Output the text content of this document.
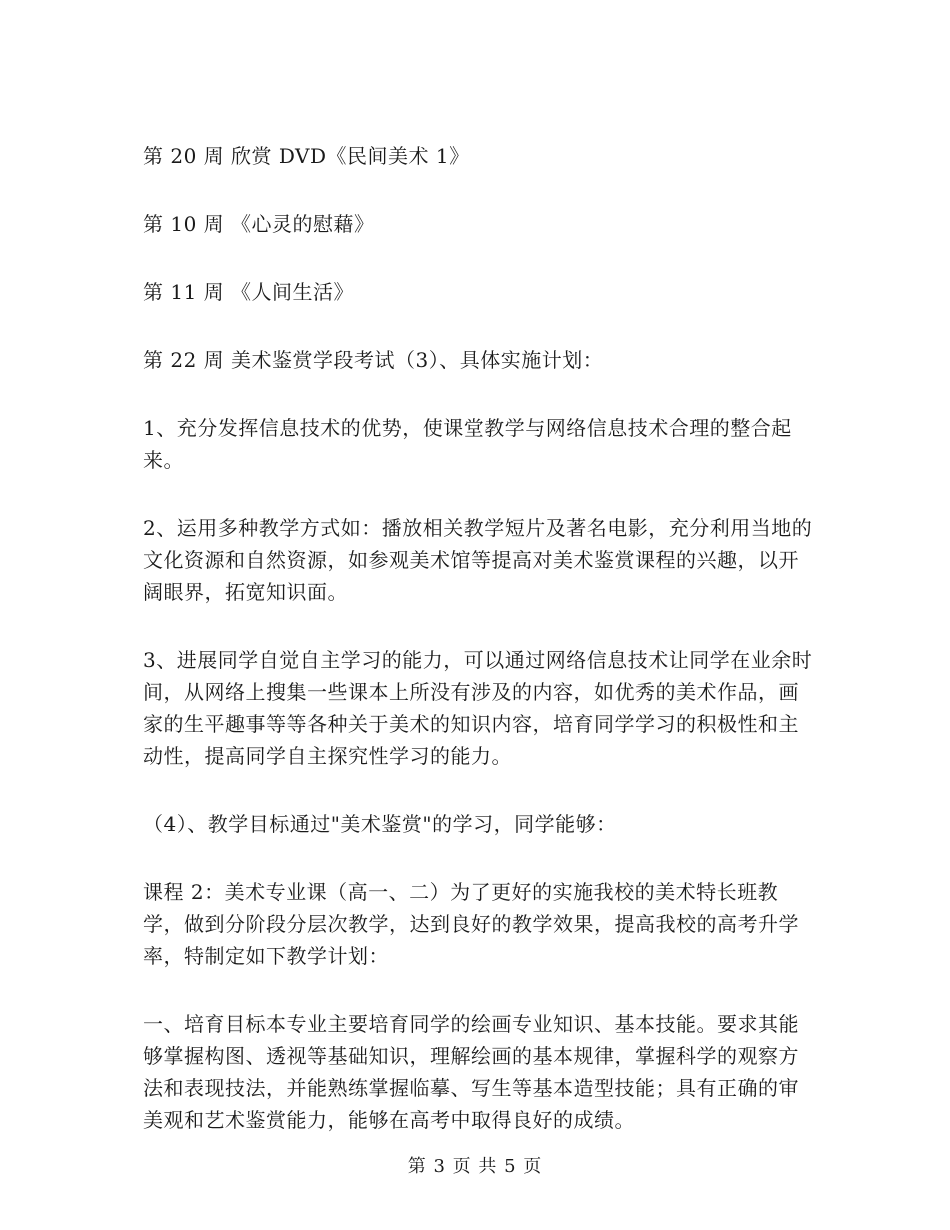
第 20 周 欣赏 DVD《民间美术 1》

第 10 周 《心灵的慰藉》

第 11 周 《人间生活》

第 22 周 美术鉴赏学段考试（3）、具体实施计划：

1、充分发挥信息技术的优势，使课堂教学与网络信息技术合理的整合起来。

2、运用多种教学方式如：播放相关教学短片及著名电影，充分利用当地的文化资源和自然资源，如参观美术馆等提高对美术鉴赏课程的兴趣，以开阔眼界，拓宽知识面。

3、进展同学自觉自主学习的能力，可以通过网络信息技术让同学在业余时间，从网络上搜集一些课本上所没有涉及的内容，如优秀的美术作品，画家的生平趣事等等各种关于美术的知识内容，培育同学学习的积极性和主动性，提高同学自主探究性学习的能力。

（4）、教学目标通过"美术鉴赏"的学习，同学能够：

课程 2：美术专业课（高一、二）为了更好的实施我校的美术特长班教学，做到分阶段分层次教学，达到良好的教学效果，提高我校的高考升学率，特制定如下教学计划：

一、培育目标本专业主要培育同学的绘画专业知识、基本技能。要求其能够掌握构图、透视等基础知识，理解绘画的基本规律，掌握科学的观察方法和表现技法，并能熟练掌握临摹、写生等基本造型技能；具有正确的审美观和艺术鉴赏能力，能够在高考中取得良好的成绩。

第 3 页 共 5 页
